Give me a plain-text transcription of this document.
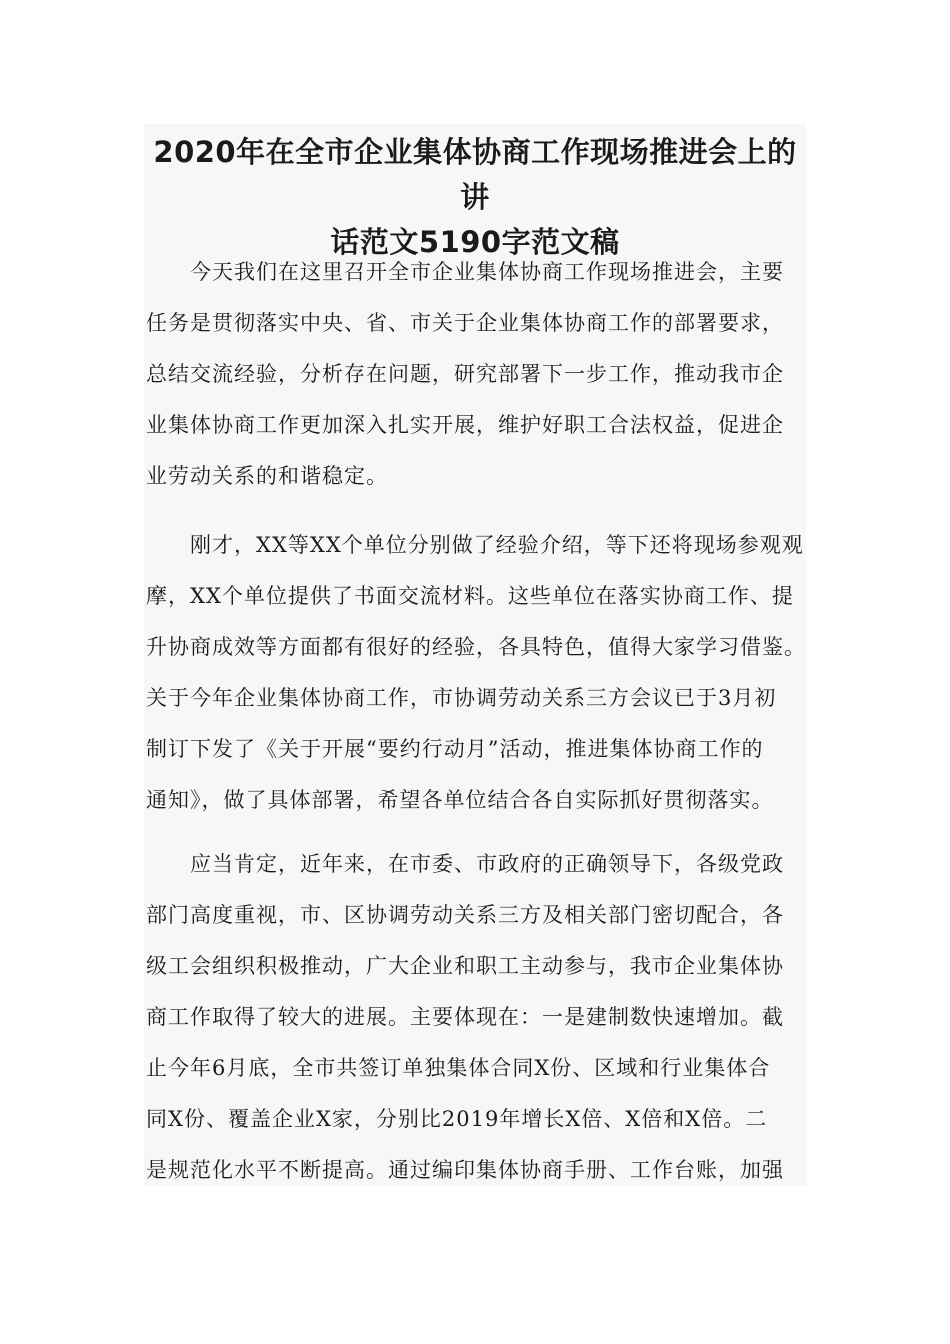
2020年在全市企业集体协商工作现场推进会上的讲
话范文5190字范文稿

　　今天我们在这里召开全市企业集体协商工作现场推进会，主要
任务是贯彻落实中央、省、市关于企业集体协商工作的部署要求，
总结交流经验，分析存在问题，研究部署下一步工作，推动我市企
业集体协商工作更加深入扎实开展，维护好职工合法权益，促进企
业劳动关系的和谐稳定。

　　刚才，XX等XX个单位分别做了经验介绍，等下还将现场参观观
摩，XX个单位提供了书面交流材料。这些单位在落实协商工作、提
升协商成效等方面都有很好的经验，各具特色，值得大家学习借鉴。
关于今年企业集体协商工作，市协调劳动关系三方会议已于3月初
制订下发了《关于开展“要约行动月”活动，推进集体协商工作的
通知》，做了具体部署，希望各单位结合各自实际抓好贯彻落实。

　　应当肯定，近年来，在市委、市政府的正确领导下，各级党政
部门高度重视，市、区协调劳动关系三方及相关部门密切配合，各
级工会组织积极推动，广大企业和职工主动参与，我市企业集体协
商工作取得了较大的进展。主要体现在：一是建制数快速增加。截
止今年6月底，全市共签订单独集体合同X份、区域和行业集体合
同X份、覆盖企业X家，分别比2019年增长X倍、X倍和X倍。二
是规范化水平不断提高。通过编印集体协商手册、工作台账，加强
